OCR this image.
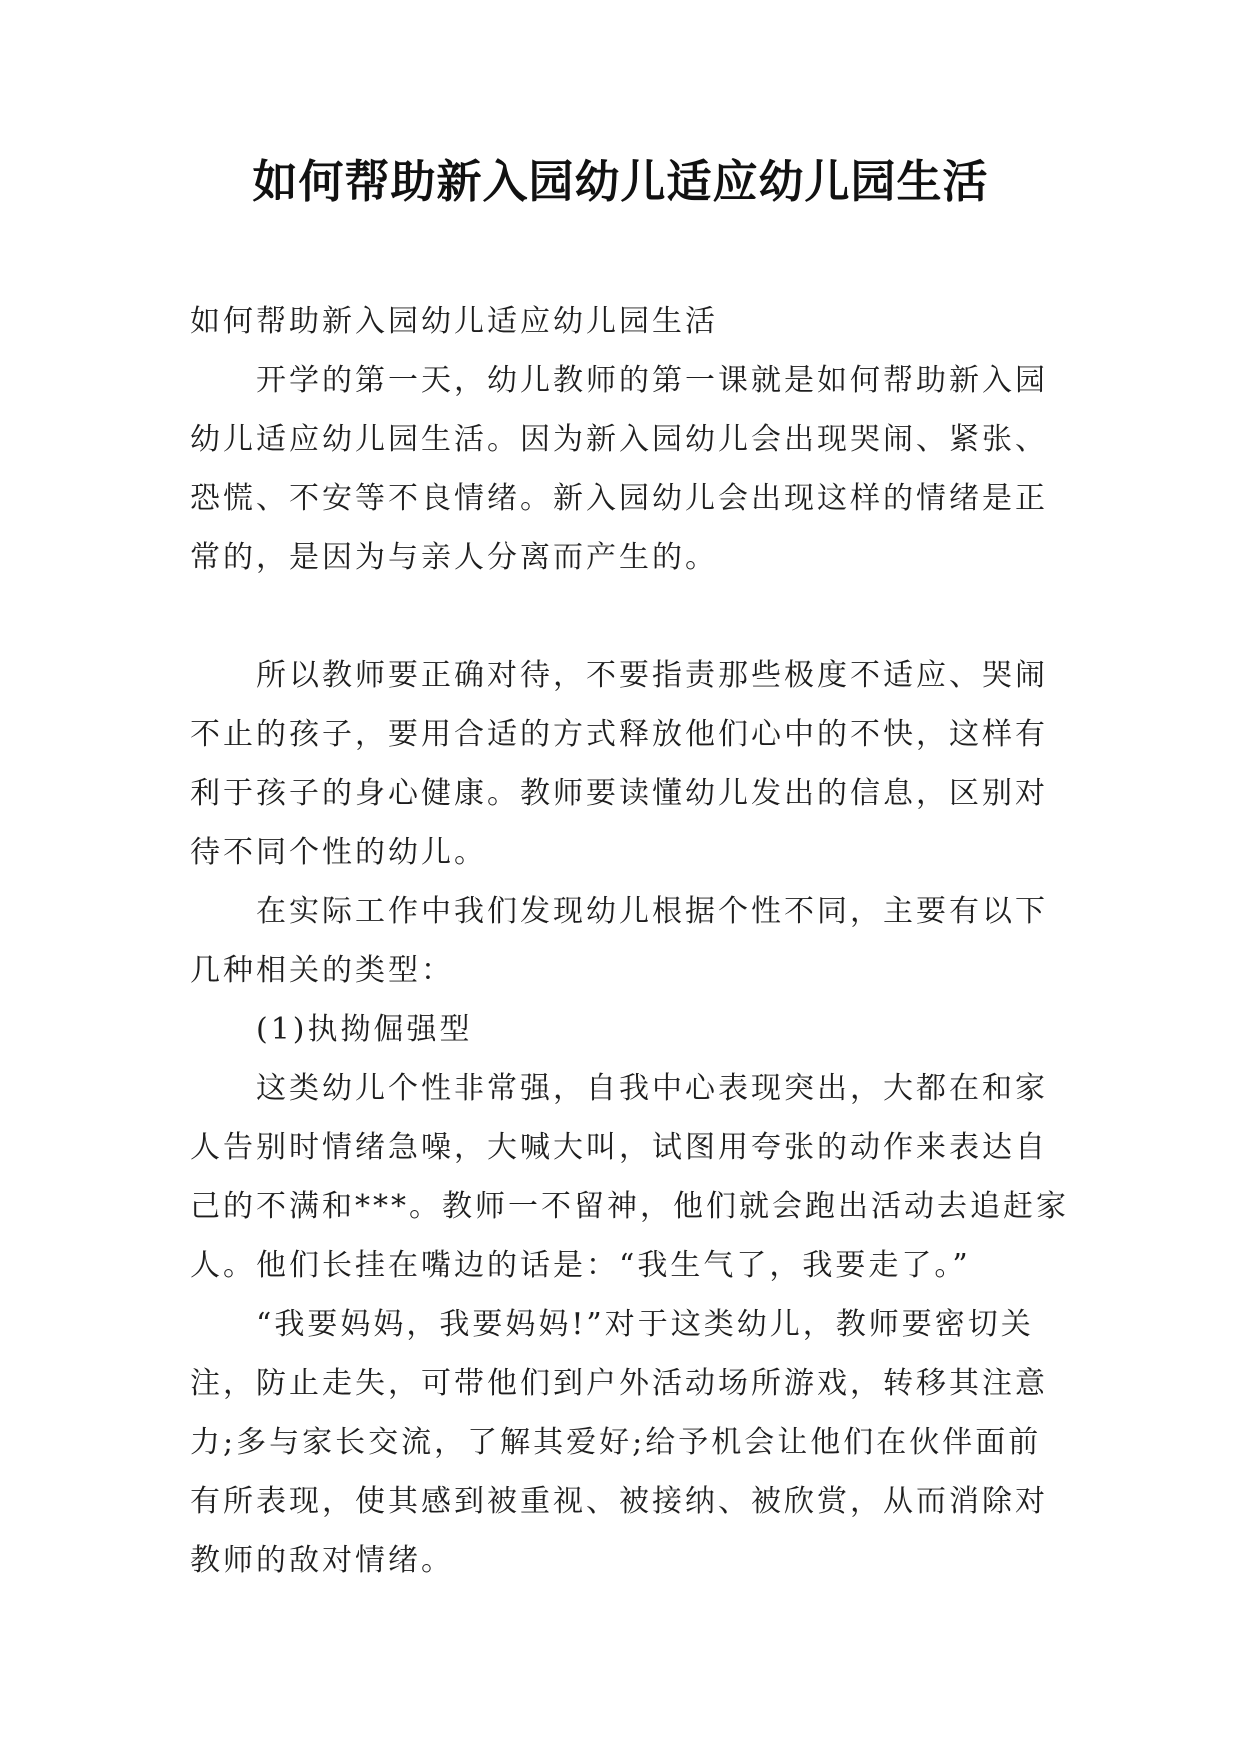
如何帮助新入园幼儿适应幼儿园生活

如何帮助新入园幼儿适应幼儿园生活

开学的第一天，幼儿教师的第一课就是如何帮助新入园幼儿适应幼儿园生活。因为新入园幼儿会出现哭闹、紧张、恐慌、不安等不良情绪。新入园幼儿会出现这样的情绪是正常的，是因为与亲人分离而产生的。

所以教师要正确对待，不要指责那些极度不适应、哭闹不止的孩子，要用合适的方式释放他们心中的不快，这样有利于孩子的身心健康。教师要读懂幼儿发出的信息，区别对待不同个性的幼儿。

在实际工作中我们发现幼儿根据个性不同，主要有以下几种相关的类型：

(1)执拗倔强型

这类幼儿个性非常强，自我中心表现突出，大都在和家人告别时情绪急噪，大喊大叫，试图用夸张的动作来表达自己的不满和***。教师一不留神，他们就会跑出活动去追赶家人。他们长挂在嘴边的话是：“我生气了，我要走了。”

“我要妈妈，我要妈妈!”对于这类幼儿，教师要密切关注，防止走失，可带他们到户外活动场所游戏，转移其注意力;多与家长交流，了解其爱好;给予机会让他们在伙伴面前有所表现，使其感到被重视、被接纳、被欣赏，从而消除对教师的敌对情绪。
